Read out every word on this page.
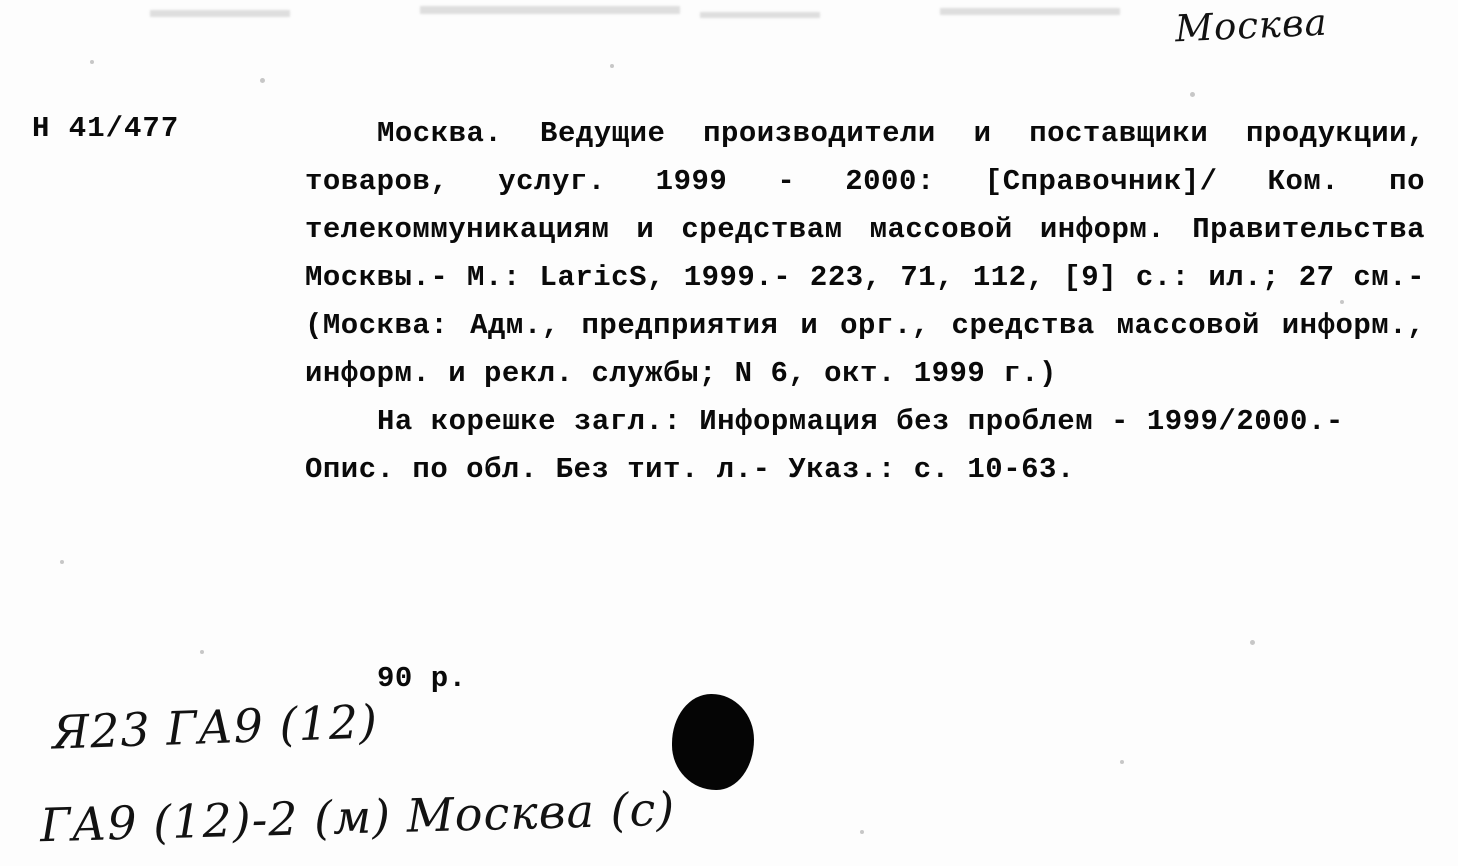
Москва
Н 41/477	Москва. Ведущие производители и поставщики продукции, товаров, услуг. 1999 - 2000: [Справочник]/ Ком. по телекоммуникациям и средствам массовой информ. Правительства Москвы.- М.: LaricS, 1999.- 223, 71, 112, [9] с.: ил.; 27 см.- (Москва: Адм., предприятия и орг., средства массовой информ., информ. и рекл. службы; N 6, окт. 1999 г.)

На корешке загл.: Информация без проблем - 1999/2000.- Опис. по обл. Без тит. л.- Указ.: с. 10-63.

90 р.
Я23 ГА9 (12)
ГА9 (12)-2 (м) Москва (с)
